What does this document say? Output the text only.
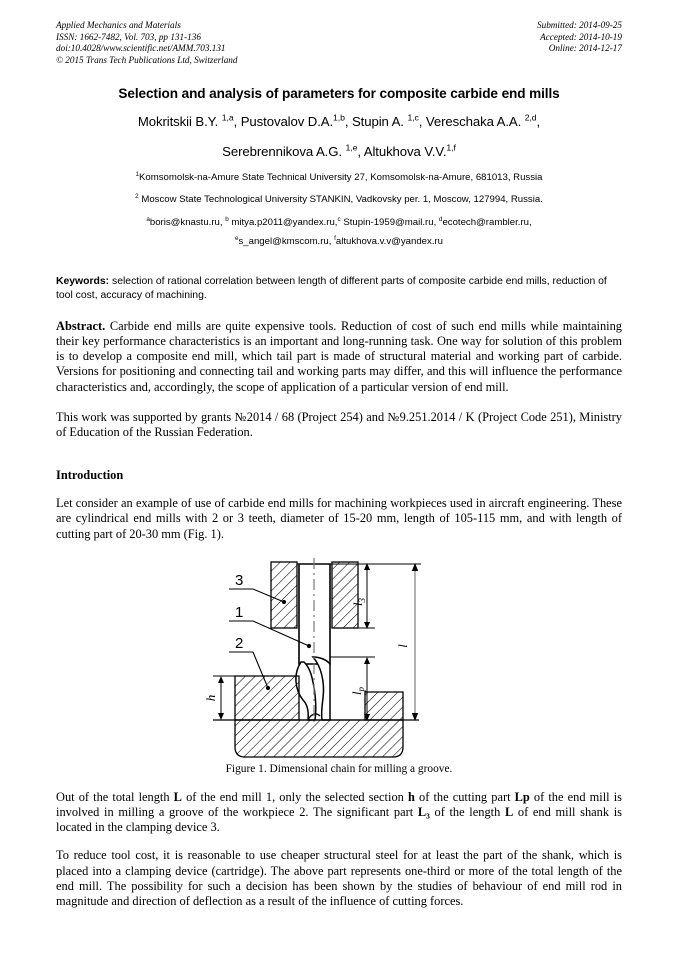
Applied Mechanics and Materials
ISSN: 1662-7482, Vol. 703, pp 131-136
doi:10.4028/www.scientific.net/AMM.703.131
© 2015 Trans Tech Publications Ltd, Switzerland
Submitted: 2014-09-25
Accepted: 2014-10-19
Online: 2014-12-17
Selection and analysis of parameters for composite carbide end mills
Mokritskii B.Y. $^{1,a}$, Pustovalov D.A.$^{1,b}$, Stupin A. $^{1,c}$, Vereschaka A.A. $^{2,d}$,
Serebrennikova A.G. $^{1,e}$, Altukhova V.V.$^{1,f}$
$^1$Komsomolsk-na-Amure State Technical University 27, Komsomolsk-na-Amure, 681013, Russia
$^2$ Moscow State Technological University STANKIN, Vadkovsky per. 1, Moscow, 127994, Russia.
$^a$boris@knastu.ru, $^b$ mitya.p2011@yandex.ru,$^c$ Stupin-1959@mail.ru, $^d$ecotech@rambler.ru,
$^e$s_angel@kmscom.ru, $^f$altukhova.v.v@yandex.ru
Keywords: selection of rational correlation between length of different parts of composite carbide end mills, reduction of tool cost, accuracy of machining.
Abstract. Carbide end mills are quite expensive tools. Reduction of cost of such end mills while maintaining their key performance characteristics is an important and long-running task. One way for solution of this problem is to develop a composite end mill, which tail part is made of structural material and working part of carbide. Versions for positioning and connecting tail and working parts may differ, and this will influence the performance characteristics and, accordingly, the scope of application of a particular version of end mill.
This work was supported by grants №2014 / 68 (Project 254) and №9.251.2014 / K (Project Code 251), Ministry of Education of the Russian Federation.
Introduction
Let consider an example of use of carbide end mills for machining workpieces used in aircraft engineering. These are cylindrical end mills with 2 or 3 teeth, diameter of 15-20 mm, length of 105-115 mm, and with length of cutting part of 20-30 mm (Fig. 1).
$l_3$
$l_p$
l
h
3
1
2
Figure 1. Dimensional chain for milling a groove.
Out of the total length L of the end mill 1, only the selected section h of the cutting part Lp of the end mill is involved in milling a groove of the workpiece 2. The significant part L₃ of the length L of end mill shank is located in the clamping device 3.
To reduce tool cost, it is reasonable to use cheaper structural steel for at least the part of the shank, which is placed into a clamping device (cartridge). The above part represents one-third or more of the total length of the end mill. The possibility for such a decision has been shown by the studies of behaviour of end mill rod in magnitude and direction of deflection as a result of the influence of cutting forces.
